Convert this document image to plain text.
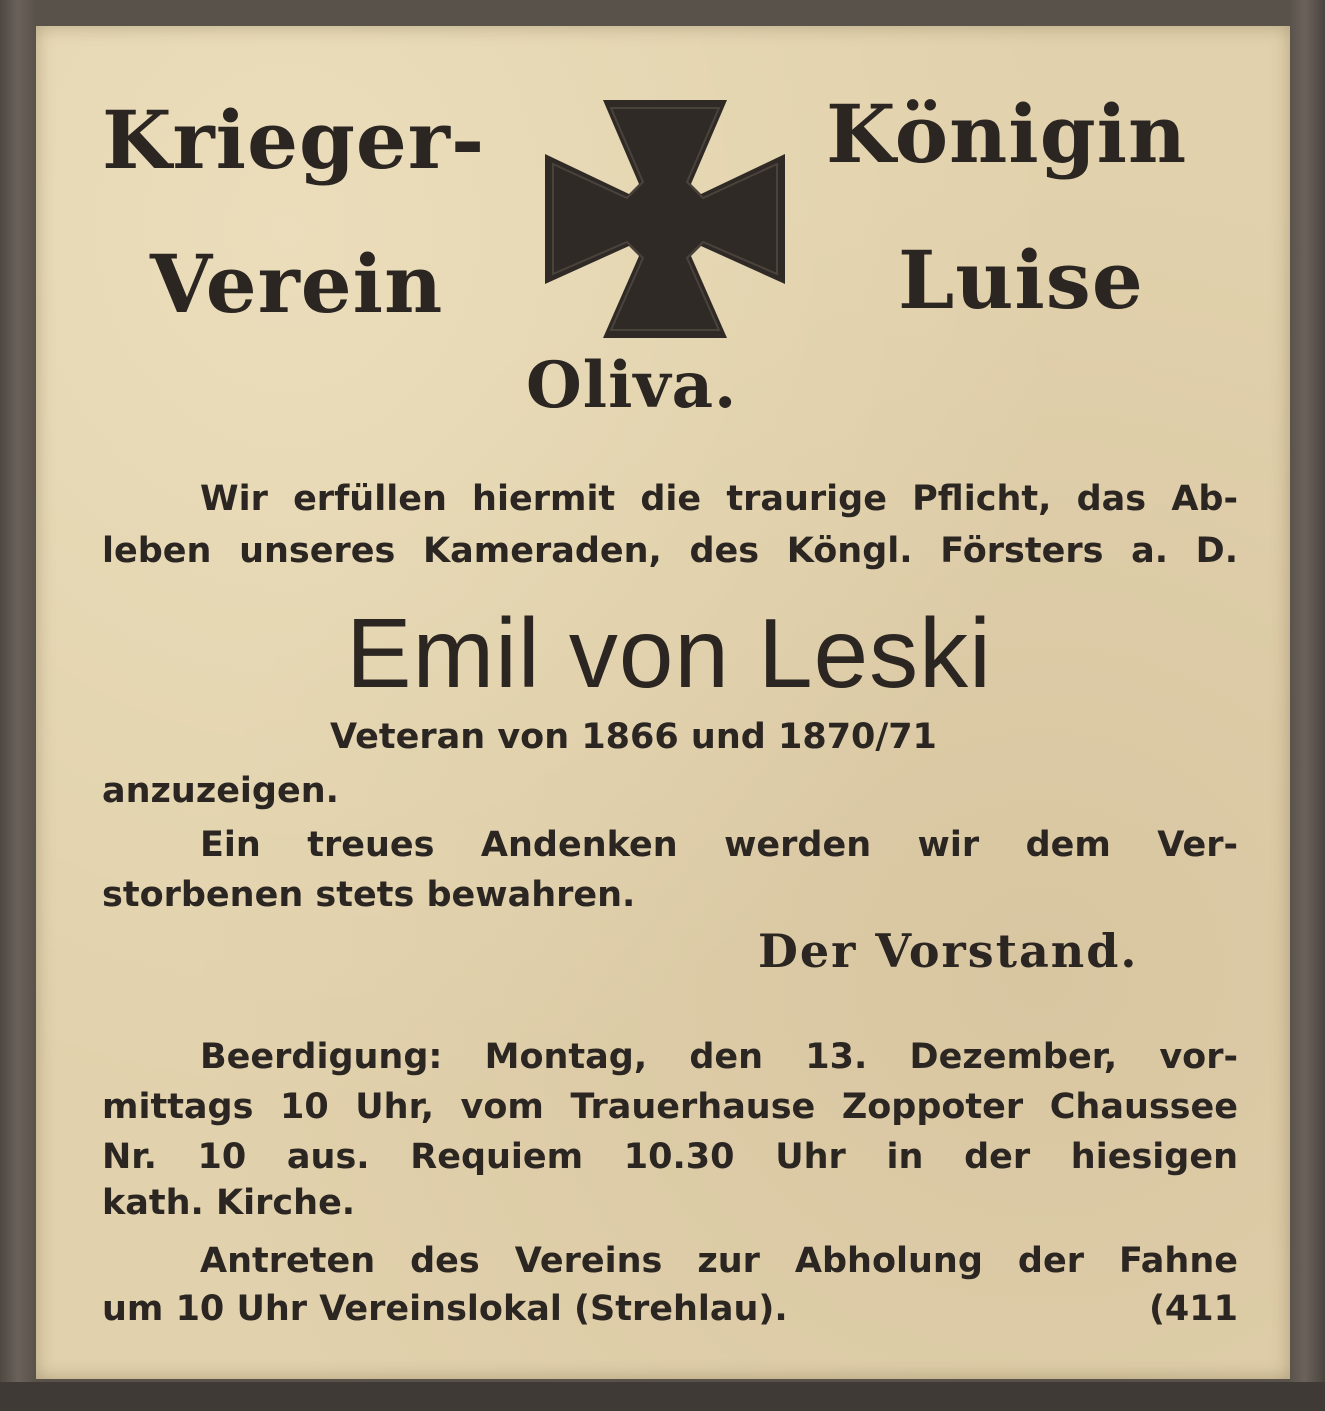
Krieger-
Verein
Königin
Luise
Oliva.
Wir erfüllen hiermit die traurige Pflicht, das Ab-
leben unseres Kameraden, des Köngl. Försters a. D.
Emil von Leski
Veteran von 1866 und 1870/71
anzuzeigen.
Ein treues Andenken werden wir dem Ver-
storbenen stets bewahren.
Der Vorstand.
Beerdigung: Montag, den 13. Dezember, vor-
mittags 10 Uhr, vom Trauerhause Zoppoter Chaussee
Nr. 10 aus. Requiem 10.30 Uhr in der hiesigen
kath. Kirche.
Antreten des Vereins zur Abholung der Fahne
um 10 Uhr Vereinslokal (Strehlau).	(411
